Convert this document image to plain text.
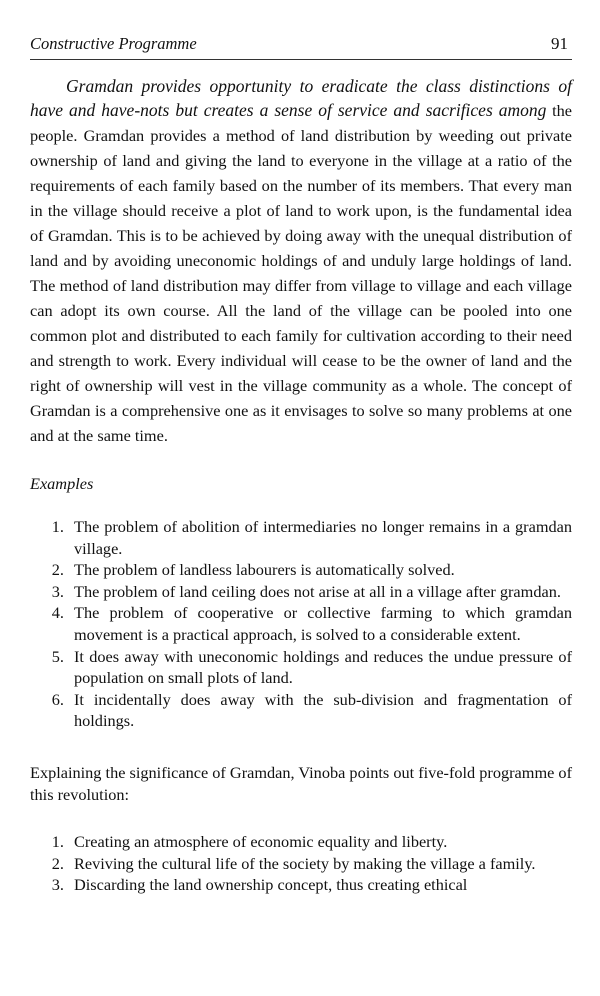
Constructive Programme	91

Gramdan provides opportunity to eradicate the class distinctions of have and have-nots but creates a sense of service and sacrifices among the people. Gramdan provides a method of land distribution by weeding out private ownership of land and giving the land to everyone in the village at a ratio of the requirements of each family based on the number of its members. That every man in the village should receive a plot of land to work upon, is the fundamental idea of Gramdan. This is to be achieved by doing away with the unequal distribution of land and by avoiding uneconomic holdings of and unduly large holdings of land. The method of land distribution may differ from village to village and each village can adopt its own course. All the land of the village can be pooled into one common plot and distributed to each family for cultivation according to their need and strength to work. Every individual will cease to be the owner of land and the right of ownership will vest in the village community as a whole. The concept of Gramdan is a comprehensive one as it envisages to solve so many problems at one and at the same time.

Examples
1. The problem of abolition of intermediaries no longer remains in a gramdan village.
2. The problem of landless labourers is automatically solved.
3. The problem of land ceiling does not arise at all in a village after gramdan.
4. The problem of cooperative or collective farming to which gramdan movement is a practical approach, is solved to a considerable extent.
5. It does away with uneconomic holdings and reduces the undue pressure of population on small plots of land.
6. It incidentally does away with the sub-division and fragmentation of holdings.

Explaining the significance of Gramdan, Vinoba points out five-fold programme of this revolution:

1. Creating an atmosphere of economic equality and liberty.
2. Reviving the cultural life of the society by making the village a family.
3. Discarding the land ownership concept, thus creating ethical
